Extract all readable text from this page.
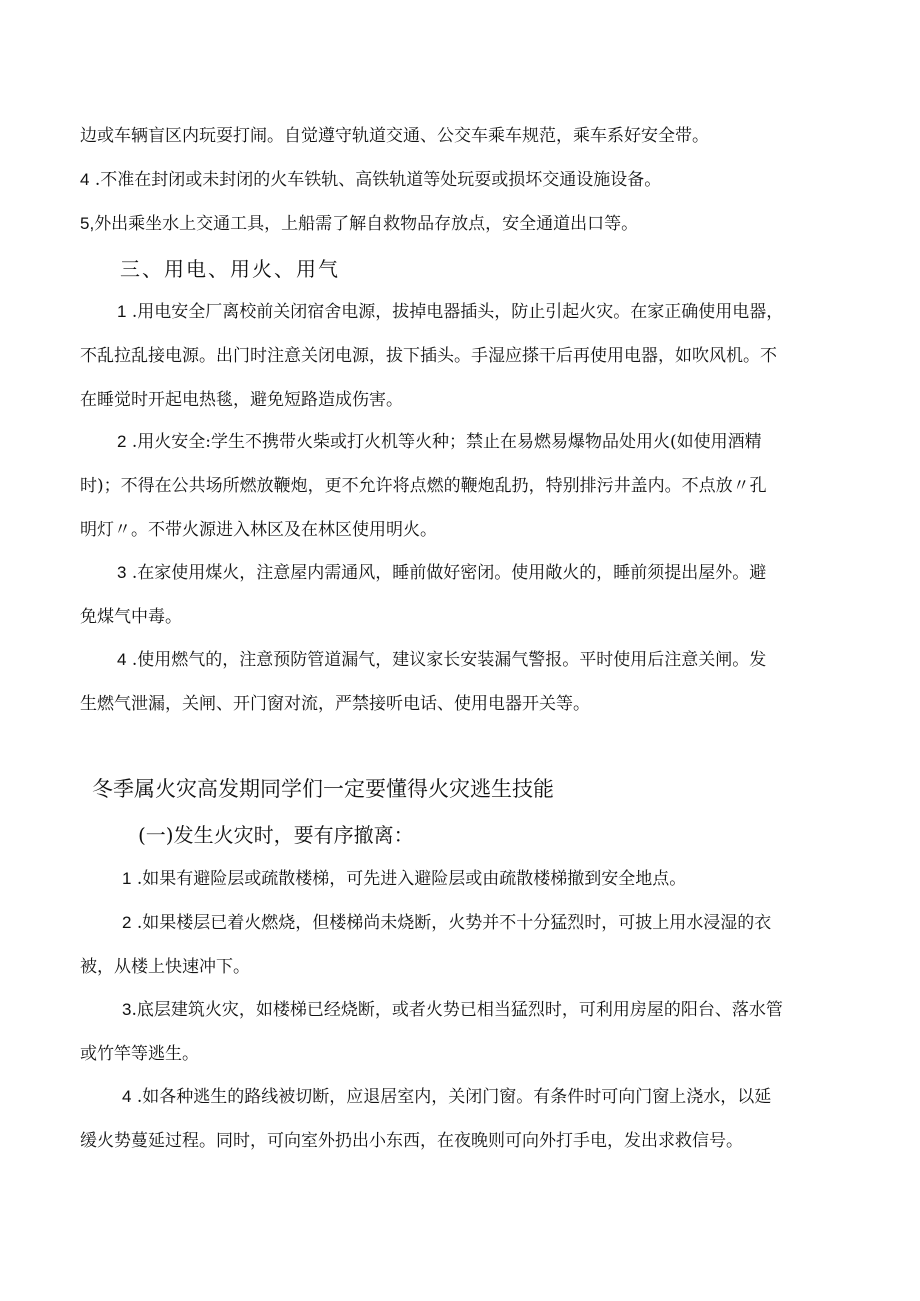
边或车辆盲区内玩耍打闹。自觉遵守轨道交通、公交车乘车规范，乘车系好安全带。
4 .不准在封闭或未封闭的火车铁轨、高铁轨道等处玩耍或损坏交通设施设备。
5,外出乘坐水上交通工具，上船需了解自救物品存放点，安全通道出口等。
三、用电、用火、用气
1 .用电安全厂离校前关闭宿舍电源，拔掉电器插头，防止引起火灾。在家正确使用电器，
不乱拉乱接电源。出门时注意关闭电源，拔下插头。手湿应搽干后再使用电器，如吹风机。不
在睡觉时开起电热毯，避免短路造成伤害。
2 .用火安全:学生不携带火柴或打火机等火种；禁止在易燃易爆物品处用火(如使用酒精
时)；不得在公共场所燃放鞭炮，更不允许将点燃的鞭炮乱扔，特别排污井盖内。不点放〃孔
明灯〃。不带火源进入林区及在林区使用明火。
3 .在家使用煤火，注意屋内需通风，睡前做好密闭。使用敞火的，睡前须提出屋外。避
免煤气中毒。
4 .使用燃气的，注意预防管道漏气，建议家长安装漏气警报。平时使用后注意关闸。发
生燃气泄漏，关闸、开门窗对流，严禁接听电话、使用电器开关等。
冬季属火灾高发期同学们一定要懂得火灾逃生技能
(一)发生火灾时，要有序撤离：
1 .如果有避险层或疏散楼梯，可先进入避险层或由疏散楼梯撤到安全地点。
2 .如果楼层已着火燃烧，但楼梯尚未烧断，火势并不十分猛烈时，可披上用水浸湿的衣
被，从楼上快速冲下。
3.底层建筑火灾，如楼梯已经烧断，或者火势已相当猛烈时，可利用房屋的阳台、落水管
或竹竿等逃生。
4 .如各种逃生的路线被切断，应退居室内，关闭门窗。有条件时可向门窗上浇水，以延
缓火势蔓延过程。同时，可向室外扔出小东西，在夜晚则可向外打手电，发出求救信号。
